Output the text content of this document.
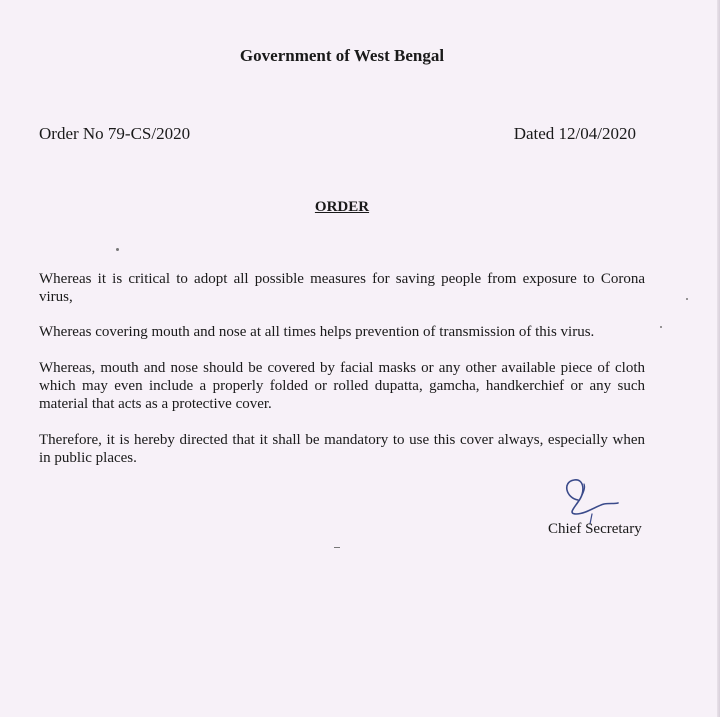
Government of West Bengal
Order No 79-CS/2020	Dated 12/04/2020
ORDER
Whereas it is critical to adopt all possible measures for saving people from exposure to Corona virus,
Whereas covering mouth and nose at all times helps prevention of transmission of this virus.
Whereas, mouth and nose should be covered by facial masks or any other available piece of cloth which may even include a properly folded or rolled dupatta, gamcha, handkerchief or any such material that acts as a protective cover.
Therefore, it is hereby directed that it shall be mandatory to use this cover always, especially when in public places.
Chief Secretary
